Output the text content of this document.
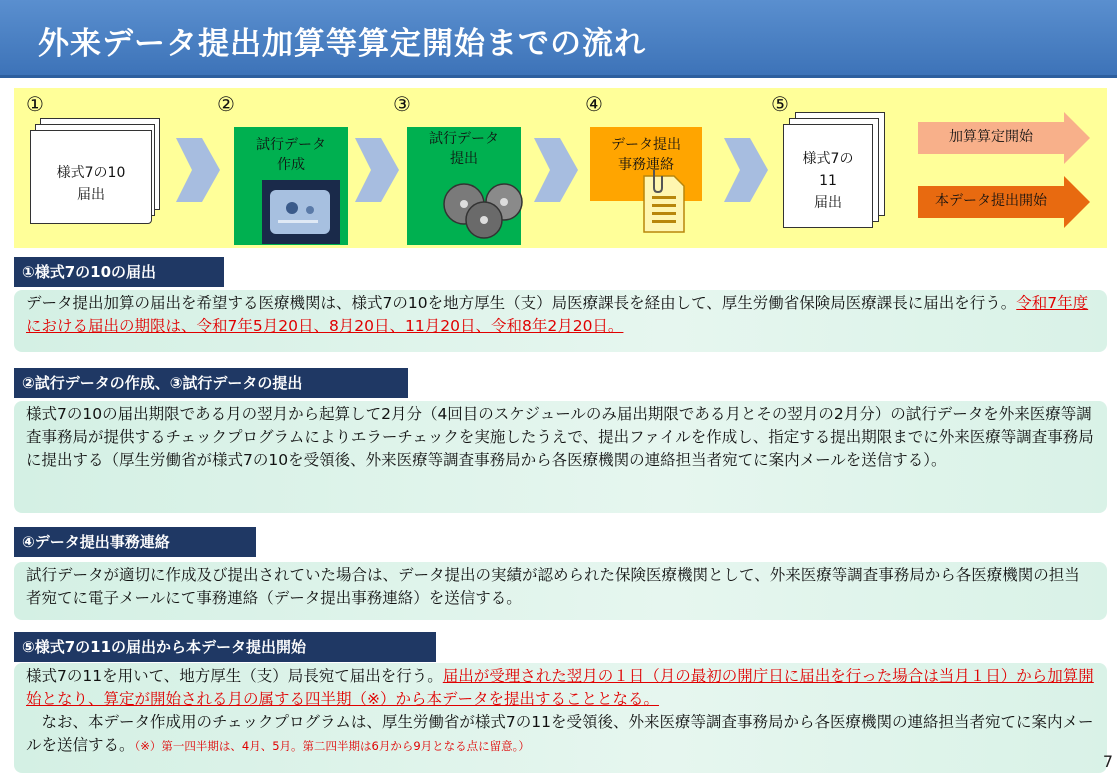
外来データ提出加算等算定開始までの流れ
①	②	③	④	⑤
様式7の10
届出
試行データ
作成
試行データ
提出
データ提出
事務連絡	様式7の
11
届出
加算算定開始
本データ提出開始
①様式7の10の届出
データ提出加算の届出を希望する医療機関は、様式7の10を地方厚生（支）局医療課長を経由して、厚生労働省保険局医療課長に届出を行う。令和7年度における届出の期限は、令和7年5月20日、8月20日、11月20日、令和8年2月20日。
②試行データの作成、③試行データの提出
様式7の10の届出期限である月の翌月から起算して2月分（4回目のスケジュールのみ届出期限である月とその翌月の2月分）の試行データを外来医療等調査事務局が提供するチェックプログラムによりエラーチェックを実施したうえで、提出ファイルを作成し、指定する提出期限までに外来医療等調査事務局に提出する（厚生労働省が様式7の10を受領後、外来医療等調査事務局から各医療機関の連絡担当者宛てに案内メールを送信する）。
④データ提出事務連絡
試行データが適切に作成及び提出されていた場合は、データ提出の実績が認められた保険医療機関として、外来医療等調査事務局から各医療機関の担当者宛てに電子メールにて事務連絡（データ提出事務連絡）を送信する。
⑤様式7の11の届出から本データ提出開始
様式7の11を用いて、地方厚生（支）局長宛て届出を行う。届出が受理された翌月の１日（月の最初の開庁日に届出を行った場合は当月１日）から加算開始となり、算定が開始される月の属する四半期（※）から本データを提出することとなる。
　なお、本データ作成用のチェックプログラムは、厚生労働省が様式7の11を受領後、外来医療等調査事務局から各医療機関の連絡担当者宛てに案内メールを送信する。（※）第一四半期は、4月、5月。第二四半期は6月から9月となる点に留意。）
7
